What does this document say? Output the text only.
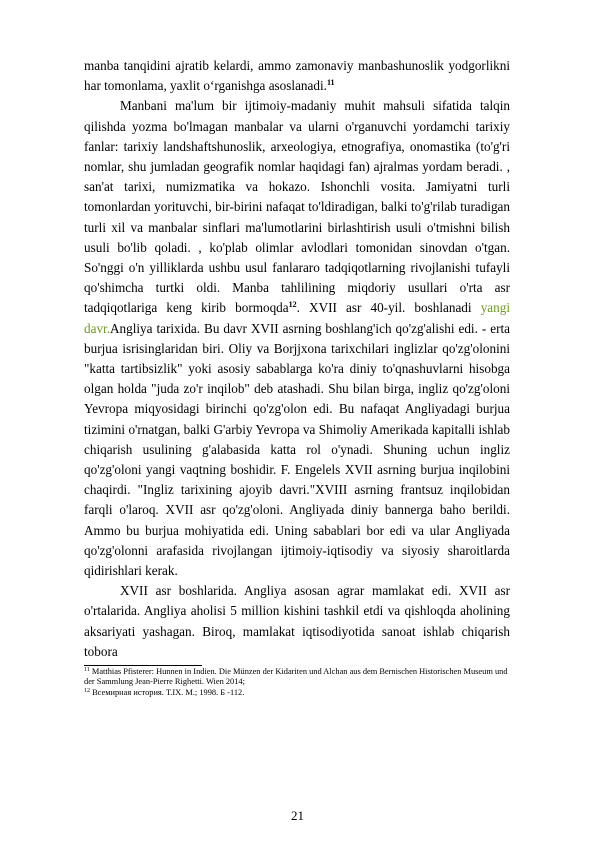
manba tanqidini ajratib kelardi, ammo zamonaviy manbashunoslik yodgorlikni har tomonlama, yaxlit o‘rganishga asoslanadi.$^{11}$

Manbani ma'lum bir ijtimoiy-madaniy muhit mahsuli sifatida talqin qilishda yozma bo'lmagan manbalar va ularni o'rganuvchi yordamchi tarixiy fanlar: tarixiy landshaftshunoslik, arxeologiya, etnografiya, onomastika (to'g'ri nomlar, shu jumladan geografik nomlar haqidagi fan) ajralmas yordam beradi. , san'at tarixi, numizmatika va hokazo. Ishonchli vosita. Jamiyatni turli tomonlardan yorituvchi, bir-birini nafaqat to'ldiradigan, balki to'g'rilab turadigan turli xil va manbalar sinflari ma'lumotlarini birlashtirish usuli o'tmishni bilish usuli bo'lib qoladi. , ko'plab olimlar avlodlari tomonidan sinovdan o'tgan. So'nggi o'n yilliklarda ushbu usul fanlararo tadqiqotlarning rivojlanishi tufayli qo'shimcha turtki oldi. Manba tahlilining miqdoriy usullari o'rta asr tadqiqotlariga keng kirib bormoqda$^{12}$. XVII asr 40-yil. boshlanadi yangi davr.Angliya tarixida. Bu davr XVII asrning boshlang'ich qo'zg'alishi edi. - erta burjua isrisinglaridan biri. Oliy va Borjjxona tarixchilari inglizlar qo'zg'olonini "katta tartibsizlik" yoki asosiy sabablarga ko'ra diniy to'qnashuvlarni hisobga olgan holda "juda zo'r inqilob" deb atashadi. Shu bilan birga, ingliz qo'zg'oloni Yevropa miqyosidagi birinchi qo'zg'olon edi. Bu nafaqat Angliyadagi burjua tizimini o'rnatgan, balki G'arbiy Yevropa va Shimoliy Amerikada kapitalli ishlab chiqarish usulining g'alabasida katta rol o'ynadi. Shuning uchun ingliz qo'zg'oloni yangi vaqtning boshidir. F. Engelels XVII asrning burjua inqilobini chaqirdi. "Ingliz tarixining ajoyib davri."XVIII asrning frantsuz inqilobidan farqli o'laroq. XVII asr qo'zg'oloni. Angliyada diniy bannerga baho berildi. Ammo bu burjua mohiyatida edi. Uning sabablari bor edi va ular Angliyada qo'zg'olonni arafasida rivojlangan ijtimoiy-iqtisodiy va siyosiy sharoitlarda qidirishlari kerak.

XVII asr boshlarida. Angliya asosan agrar mamlakat edi. XVII asr o'rtalarida. Angliya aholisi 5 million kishini tashkil etdi va qishloqda aholining aksariyati yashagan. Biroq, mamlakat iqtisodiyotida sanoat ishlab chiqarish tobora

$^{11}$ Matthias Pfisterer: Hunnen in Indien. Die Münzen der Kidariten und Alchan aus dem Bernischen Historischen Museum und der Sammlung Jean-Pierre Righetti. Wien 2014;

$^{12}$ Всемирная история. Т.IХ. М.; 1998. Б -112.

21
